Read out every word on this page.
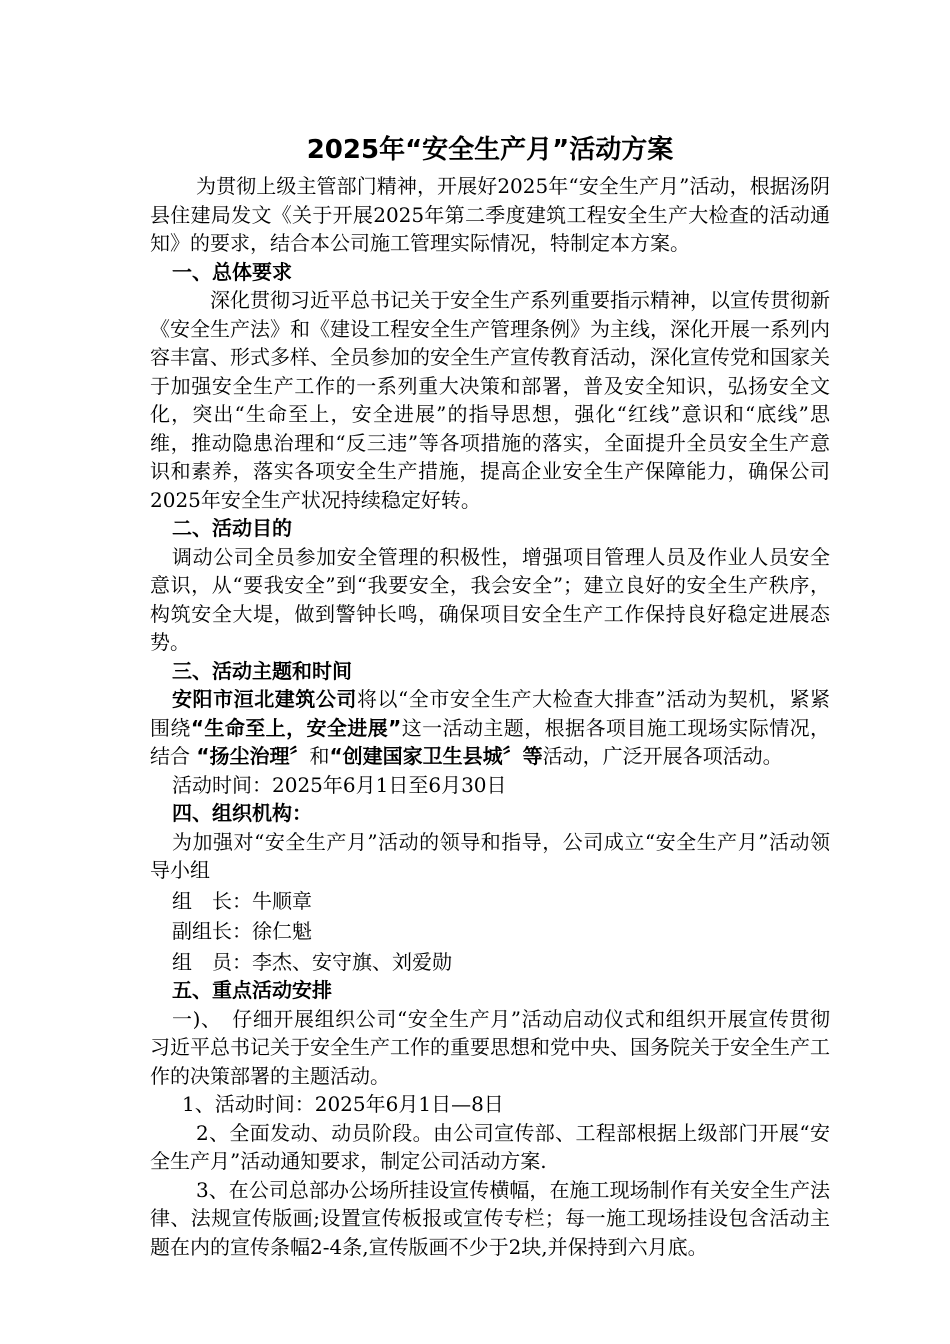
2025年“安全生产月”活动方案

为贯彻上级主管部门精神，开展好2025年“安全生产月”活动，根据汤阴县住建局发文《关于开展2025年第二季度建筑工程安全生产大检查的活动通知》的要求，结合本公司施工管理实际情况，特制定本方案。

一、总体要求

深化贯彻习近平总书记关于安全生产系列重要指示精神，以宣传贯彻新《安全生产法》和《建设工程安全生产管理条例》为主线，深化开展一系列内容丰富、形式多样、全员参加的安全生产宣传教育活动，深化宣传党和国家关于加强安全生产工作的一系列重大决策和部署，普及安全知识，弘扬安全文化，突出“生命至上，安全进展”的指导思想，强化“红线”意识和“底线”思维，推动隐患治理和“反三违”等各项措施的落实，全面提升全员安全生产意识和素养，落实各项安全生产措施，提高企业安全生产保障能力，确保公司2025年安全生产状况持续稳定好转。

二、活动目的

调动公司全员参加安全管理的积极性，增强项目管理人员及作业人员安全意识，从“要我安全”到“我要安全，我会安全”；建立良好的安全生产秩序，构筑安全大堤，做到警钟长鸣，确保项目安全生产工作保持良好稳定进展态势。

三、活动主题和时间

安阳市洹北建筑公司将以“全市安全生产大检查大排查”活动为契机，紧紧围绕“生命至上，安全进展”这一活动主题，根据各项目施工现场实际情况，结合 “扬尘治理〞和“创建国家卫生县城〞等活动，广泛开展各项活动。

活动时间：2025年6月1日至6月30日

四、组织机构：

为加强对“安全生产月”活动的领导和指导，公司成立“安全生产月”活动领导小组

组　长：牛顺章

副组长：徐仁魁

组　员：李杰、安守旗、刘爱勋

五、重点活动安排

一)、　仔细开展组织公司“安全生产月”活动启动仪式和组织开展宣传贯彻习近平总书记关于安全生产工作的重要思想和党中央、国务院关于安全生产工作的决策部署的主题活动。

1、活动时间：2025年6月1日—8日

2、全面发动、动员阶段。由公司宣传部、工程部根据上级部门开展“安全生产月”活动通知要求，制定公司活动方案.

3、在公司总部办公场所挂设宣传横幅，在施工现场制作有关安全生产法律、法规宣传版画;设置宣传板报或宣传专栏；每一施工现场挂设包含活动主题在内的宣传条幅2-4条,宣传版画不少于2块,并保持到六月底。
